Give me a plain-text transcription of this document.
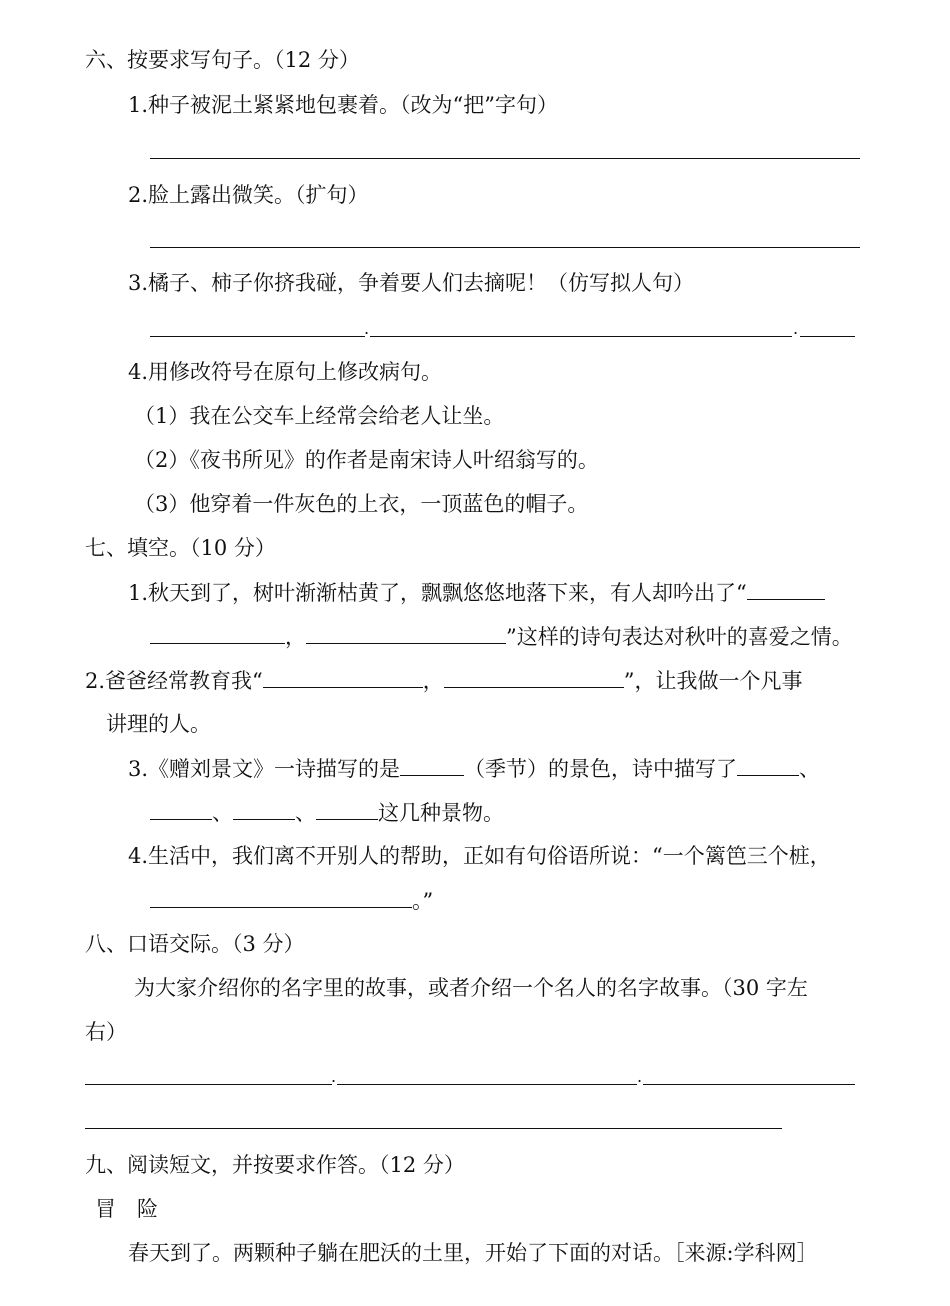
六、按要求写句子。（12 分）
1.种子被泥土紧紧地包裹着。（改为“把”字句）
2.脸上露出微笑。（扩句）
3.橘子、柿子你挤我碰，争着要人们去摘呢！（仿写拟人句）
.	.
4.用修改符号在原句上修改病句。
（1）我在公交车上经常会给老人让坐。
（2）《夜书所见》的作者是南宋诗人叶绍翁写的。
（3）他穿着一件灰色的上衣，一顶蓝色的帽子。
七、填空。（10 分）
1.秋天到了，树叶渐渐枯黄了，飘飘悠悠地落下来，有人却吟出了“
，	”这样的诗句表达对秋叶的喜爱之情。
2.爸爸经常教育我“	，	”，让我做一个凡事
讲理的人。
3.《赠刘景文》一诗描写的是	（季节）的景色，诗中描写了	、
、	、	这几种景物。
4.生活中，我们离不开别人的帮助，正如有句俗语所说：“一个篱笆三个桩，
。”
八、口语交际。（3 分）
为大家介绍你的名字里的故事，或者介绍一个名人的名字故事。（30 字左
右）
.	.
九、阅读短文，并按要求作答。（12 分）
冒　险
春天到了。两颗种子躺在肥沃的土里，开始了下面的对话。［来源:学科网］
